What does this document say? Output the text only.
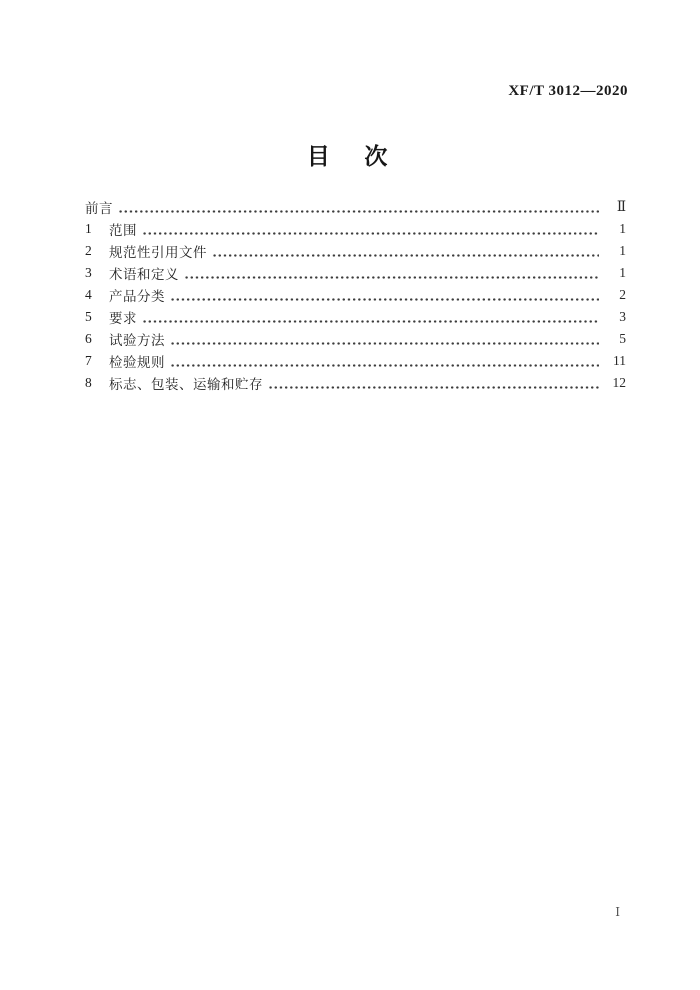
XF/T 3012—2020
目　次
前言	Ⅱ
1	范围	1
2	规范性引用文件	1
3	术语和定义	1
4	产品分类	2
5	要求	3
6	试验方法	5
7	检验规则	11
8	标志、包装、运输和贮存	12
Ⅰ
